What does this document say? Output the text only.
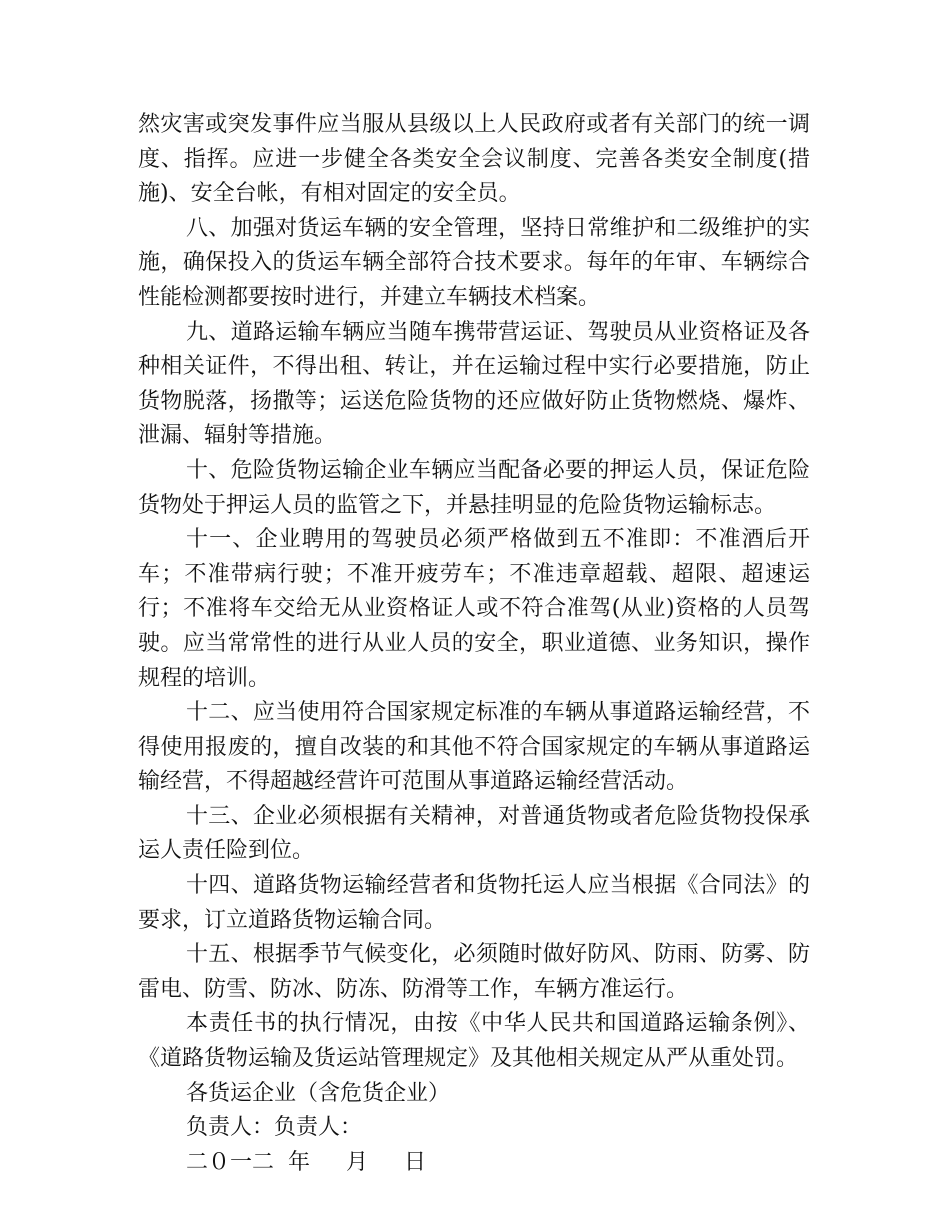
然灾害或突发事件应当服从县级以上人民政府或者有关部门的统一调度、指挥。应进一步健全各类安全会议制度、完善各类安全制度(措施)、安全台帐，有相对固定的安全员。

八、加强对货运车辆的安全管理，坚持日常维护和二级维护的实施，确保投入的货运车辆全部符合技术要求。每年的年审、车辆综合性能检测都要按时进行，并建立车辆技术档案。

九、道路运输车辆应当随车携带营运证、驾驶员从业资格证及各种相关证件，不得出租、转让，并在运输过程中实行必要措施，防止货物脱落，扬撒等；运送危险货物的还应做好防止货物燃烧、爆炸、泄漏、辐射等措施。

十、危险货物运输企业车辆应当配备必要的押运人员，保证危险货物处于押运人员的监管之下，并悬挂明显的危险货物运输标志。

十一、企业聘用的驾驶员必须严格做到五不准即：不准酒后开车；不准带病行驶；不准开疲劳车；不准违章超载、超限、超速运行；不准将车交给无从业资格证人或不符合准驾(从业)资格的人员驾驶。应当常常性的进行从业人员的安全，职业道德、业务知识，操作规程的培训。

十二、应当使用符合国家规定标准的车辆从事道路运输经营，不得使用报废的，擅自改装的和其他不符合国家规定的车辆从事道路运输经营，不得超越经营许可范围从事道路运输经营活动。

十三、企业必须根据有关精神，对普通货物或者危险货物投保承运人责任险到位。

十四、道路货物运输经营者和货物托运人应当根据《合同法》的要求，订立道路货物运输合同。

十五、根据季节气候变化，必须随时做好防风、防雨、防雾、防雷电、防雪、防冰、防冻、防滑等工作，车辆方准运行。

本责任书的执行情况，由按《中华人民共和国道路运输条例》、《道路货物运输及货运站管理规定》及其他相关规定从严从重处罚。

各货运企业（含危货企业）

负责人：负责人：

二０一二  年 月 日
